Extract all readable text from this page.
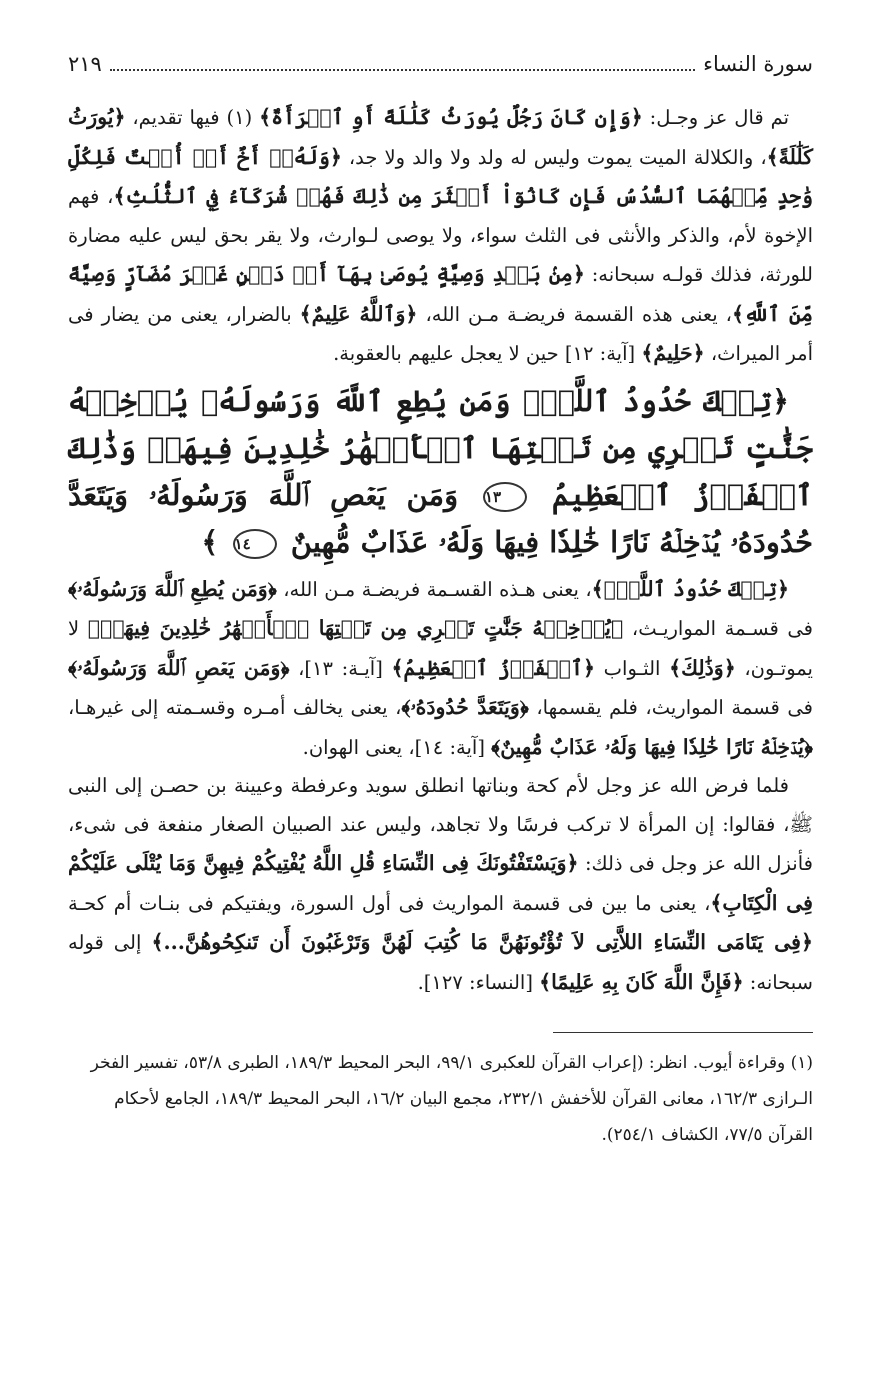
سورة النساء
٢١٩

تم قال عز وجـل: ﴿وَإِن كَانَ رَجُلٌ يُورَثُ كَلَٰلَةً أَوِ ٱمۡرَأَةٌ﴾ (١) فيها تقديم، ﴿يُورَثُ كَلَٰلَةً﴾، والكلالة الميت يموت وليس له ولد ولا والد ولا جد، ﴿وَلَهُۥٓ أَخٌ أَوۡ أُخۡتٌ فَلِكُلِّ وَٰحِدٍ مِّنۡهُمَا ٱلسُّدُسُ فَإِن كَانُوٓاْ أَكۡثَرَ مِن ذَٰلِكَ فَهُمۡ شُرَكَآءُ فِي ٱلثُّلُثِ﴾، فهم الإخوة لأم، والذكر والأنثى فى الثلث سواء، ولا يوصى لـوارث، ولا يقر بحق ليس عليه مضارة للورثة، فذلك قولـه سبحانه: ﴿مِنۢ بَعۡدِ وَصِيَّةٍ يُوصَىٰ بِهَآ أَوۡ دَيۡنٍ غَيۡرَ مُضَآرٍّ وَصِيَّةً مِّنَ ٱللَّهِ﴾، يعنى هذه القسمة فريضـة مـن الله، ﴿وَٱللَّهُ عَلِيمٌ﴾ بالضرار، يعنى من يضار فى أمر الميراث، ﴿حَلِيمٌ﴾ [آية: ١٢] حين لا يعجل عليهم بالعقوبة.

﴿تِلۡكَ حُدُودُ ٱللَّهِۚ وَمَن يُطِعِ ٱللَّهَ وَرَسُولَهُۥ يُدۡخِلۡهُ جَنَّٰتٍ تَجۡرِي مِن تَحۡتِهَا ٱلۡأَنۡهَٰرُ خَٰلِدِينَ فِيهَاۚ وَذَٰلِكَ ٱلۡفَوۡزُ ٱلۡعَظِيمُ ١٣ وَمَن يَعۡصِ ٱللَّهَ وَرَسُولَهُۥ وَيَتَعَدَّ حُدُودَهُۥ يُدۡخِلۡهُ نَارًا خَٰلِدٗا فِيهَا وَلَهُۥ عَذَابٌ مُّهِينٌ ١٤ ﴾

﴿تِلۡكَ حُدُودُ ٱللَّهِۚ﴾، يعنى هـذه القسـمة فريضـة مـن الله، ﴿وَمَن يُطِعِ ٱللَّهَ وَرَسُولَهُۥ﴾ فى قسـمة المواريـث، ﴿يُدۡخِلۡهُ جَنَّٰتٍ تَجۡرِي مِن تَحۡتِهَا ٱلۡأَنۡهَٰرُ خَٰلِدِينَ فِيهَاۚ﴾ لا يموتـون، ﴿وَذَٰلِكَ﴾ الثـواب ﴿ٱلۡفَوۡزُ ٱلۡعَظِيمُ﴾ [آيـة: ١٣]، ﴿وَمَن يَعۡصِ ٱللَّهَ وَرَسُولَهُۥ﴾ فى قسمة المواريث، فلم يقسمها، ﴿وَيَتَعَدَّ حُدُودَهُۥ﴾، يعنى يخالف أمـره وقسـمته إلى غيرهـا، ﴿يُدۡخِلۡهُ نَارًا خَٰلِدٗا فِيهَا وَلَهُۥ عَذَابٌ مُّهِينٌ﴾ [آية: ١٤]، يعنى الهوان.

فلما فرض الله عز وجل لأم كحة وبناتها انطلق سويد وعرفطة وعيينة بن حصـن إلى النبى ﷺ، فقالوا: إن المرأة لا تركب فرسًا ولا تجاهد، وليس عند الصبيان الصغار منفعة فى شىء، فأنزل الله عز وجل فى ذلك: ﴿وَيَسْتَفْتُونَكَ فِى النِّسَاءِ قُلِ اللَّهُ يُفْتِيكُمْ فِيهِنَّ وَمَا يُتْلَى عَلَيْكُمْ فِى الْكِتَابِ﴾، يعنى ما بين فى قسمة المواريث فى أول السورة، ويفتيكم فى بنـات أم كحـة ﴿فِى يَتَامَى النِّسَاءِ اللاَّتِى لاَ تُؤْتُونَهُنَّ مَا كُتِبَ لَهُنَّ وَتَرْغَبُونَ أَن تَنكِحُوهُنَّ...﴾ إلى قوله سبحانه: ﴿فَإِنَّ اللَّهَ كَانَ بِهِ عَلِيمًا﴾ [النساء: ١٢٧].

(١) وقراءة أيوب. انظر: (إعراب القرآن للعكبرى ٩٩/١، البحر المحيط ١٨٩/٣، الطبرى ٥٣/٨، تفسير الفخر الـرازى ١٦٢/٣، معانى القرآن للأخفش ٢٣٢/١، مجمع البيان ١٦/٢، البحر المحيط ١٨٩/٣، الجامع لأحكام القرآن ٧٧/٥، الكشاف ٢٥٤/١).
